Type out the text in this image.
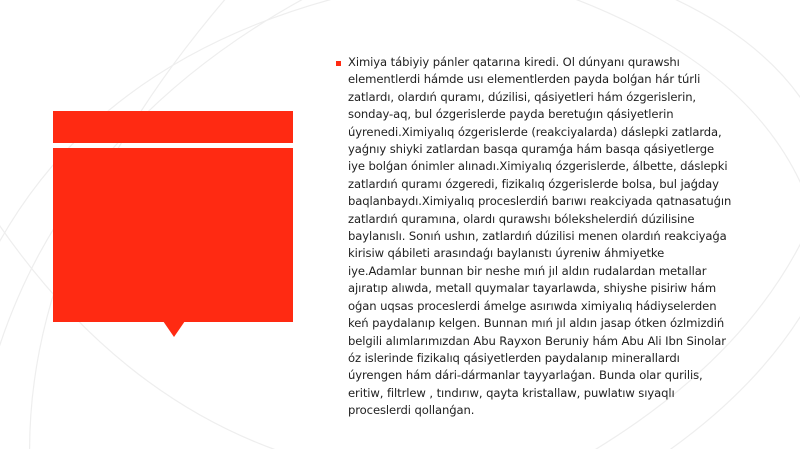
Ximiya tábiyiy pánler qatarına kiredi. Ol dúnyanı qurawshı elementlerdi hámde usı elementlerden payda bolǵan hár túrli zatlardı, olardıń quramı, dúzilisi, qásiyetleri hám ózgerislerin, sonday-aq, bul ózgerislerde payda beretuǵın qásiyetlerin úyrenedi.Ximiyalıq ózgerislerde (reakciyalarda) dáslepki zatlarda, yaǵnıy shiyki zatlardan basqa quramǵa hám basqa qásiyetlerge iye bolǵan ónimler alınadı.Ximiyalıq ózgerislerde, álbette, dáslepki zatlardıń quramı ózgeredi, fizikalıq ózgerislerde bolsa, bul jaǵday baqlanbaydı.Ximiyalıq proceslerdiń barıwı reakciyada qatnasatuǵın zatlardıń quramına, olardı qurawshı bólekshelerdiń dúzilisine baylanıslı. Sonıń ushın, zatlardıń dúzilisi menen olardıń reakciyaǵa kirisiw qábileti arasındaǵı baylanıstı úyreniw áhmiyetke iye.Adamlar bunnan bir neshe mıń jıl aldın rudalardan metallar ajıratıp alıwda, metall quymalar tayarlawda, shiyshe pisiriw hám oǵan uqsas proceslerdi ámelge asırıwda ximiyalıq hádiyselerden keń paydalanıp kelgen. Bunnan mıń jıl aldın jasap ótken ózlmizdiń belgili alımlarımızdan Abu Rayxon Beruniy hám Abu Ali Ibn Sinolar óz islerinde fizikalıq qásiyetlerden paydalanıp minerallardı úyrengen hám dári-dármanlar tayyarlaǵan. Bunda olar qurilis, eritiw, filtrlew , tındırıw, qayta kristallaw, puwlatıw sıyaqlı proceslerdi qollanǵan.
